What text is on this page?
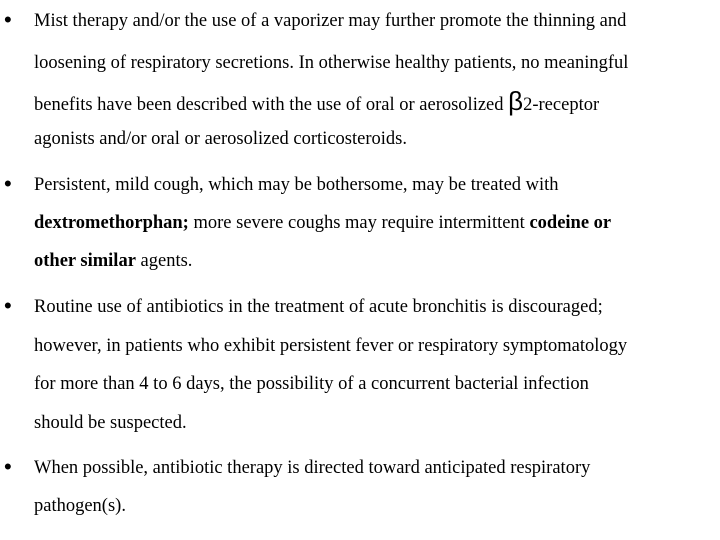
• Mist therapy and/or the use of a vaporizer may further promote the thinning and
loosening of respiratory secretions. In otherwise healthy patients, no meaningful
benefits have been described with the use of oral or aerosolized β2-receptor
agonists and/or oral or aerosolized corticosteroids.
• Persistent, mild cough, which may be bothersome, may be treated with
dextromethorphan; more severe coughs may require intermittent codeine or
other similar agents.
• Routine use of antibiotics in the treatment of acute bronchitis is discouraged;
however, in patients who exhibit persistent fever or respiratory symptomatology
for more than 4 to 6 days, the possibility of a concurrent bacterial infection
should be suspected.
• When possible, antibiotic therapy is directed toward anticipated respiratory
pathogen(s).
